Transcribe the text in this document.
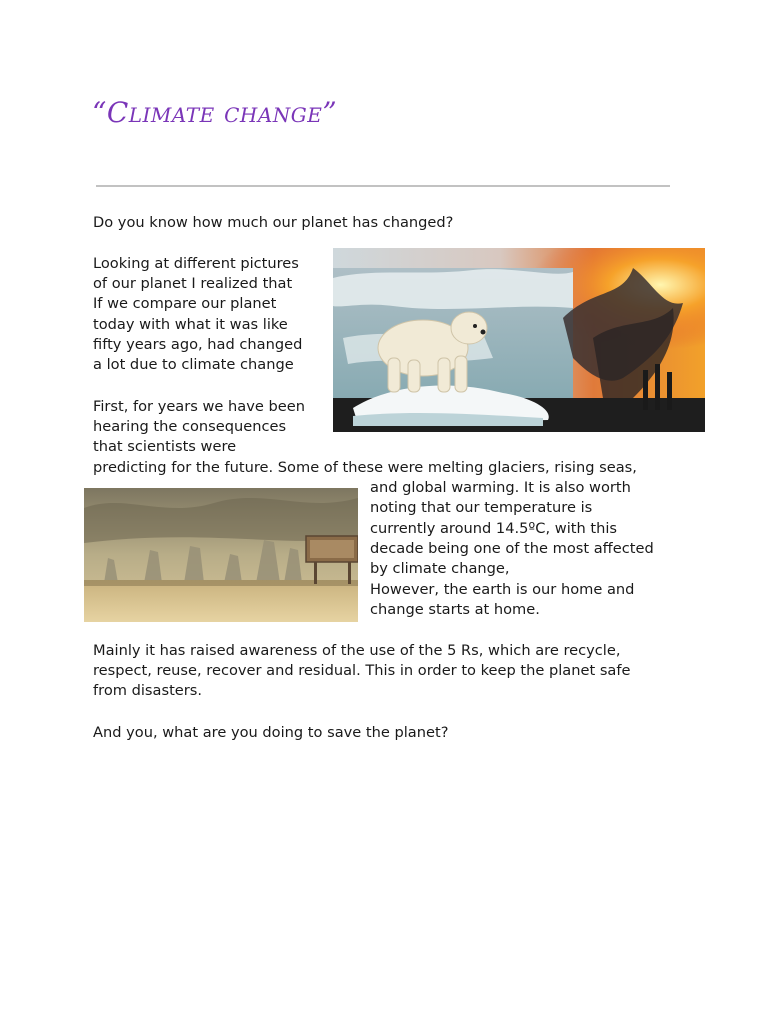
“Climate change”

Do you know how much our planet has changed?

Looking at different pictures

of our planet I realized that

If we compare our planet

today with what it was like

fifty years ago, had changed

a lot due to climate change

First, for years we have been

hearing the consequences

that scientists were

predicting for the future. Some of these were melting glaciers, rising seas,

and global warming. It is also worth

noting that our temperature is

currently around 14.5ºC, with this

decade being one of the most affected

by climate change,

However, the earth is our home and

change starts at home.

Mainly it has raised awareness of the use of the 5 Rs, which are recycle,

respect, reuse, recover and residual. This in order to keep the planet safe

from disasters.

And you, what are you doing to save the planet?
